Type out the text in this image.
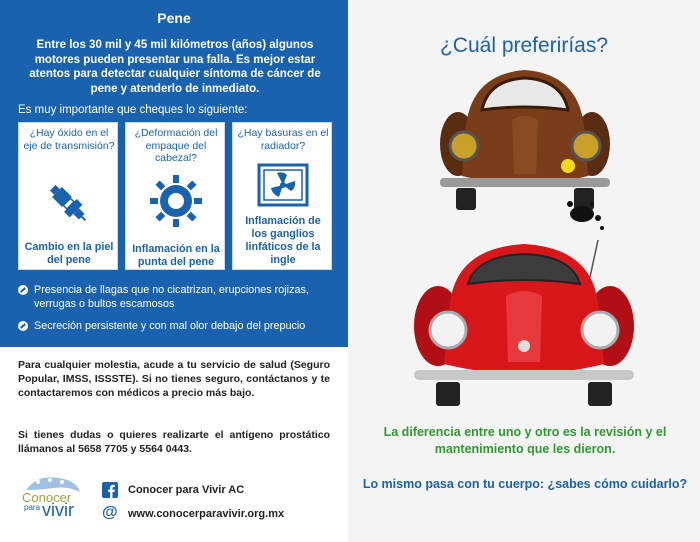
Pene
Entre los 30 mil y 45 mil kilómetros (años) algunos motores pueden presentar una falla. Es mejor estar atentos para detectar cualquier síntoma de cáncer de pene y atenderlo de inmediato.
Es muy importante que cheques lo siguiente:
¿Hay óxido en el eje de transmisión?
Cambio en la piel del pene
¿Deformación del empaque del cabezal?
Inflamación en la punta del pene
¿Hay basuras en el radiador?
Inflamación de los ganglios linfáticos de la ingle
Presencia de llagas que no cicatrizan, erupciones rojizas, verrugas o bultos escamosos
Secreción persistente y con mal olor debajo del prepucio
Para cualquier molestia, acude a tu servicio de salud (Seguro Popular, IMSS, ISSSTE). Si no tienes seguro, contáctanos y te contactaremos con médicos a precio más bajo.
Si tienes dudas o quieres realizarte el antígeno prostático llámanos al 5658 7705 y 5564 0443.
Conocer
para vivir
Conocer para Vivir AC
@ www.conocerparavivir.org.mx
¿Cuál preferirías?
La diferencia entre uno y otro es la revisión y el mantenimiento que les dieron.
Lo mismo pasa con tu cuerpo: ¿sabes cómo cuidarlo?
